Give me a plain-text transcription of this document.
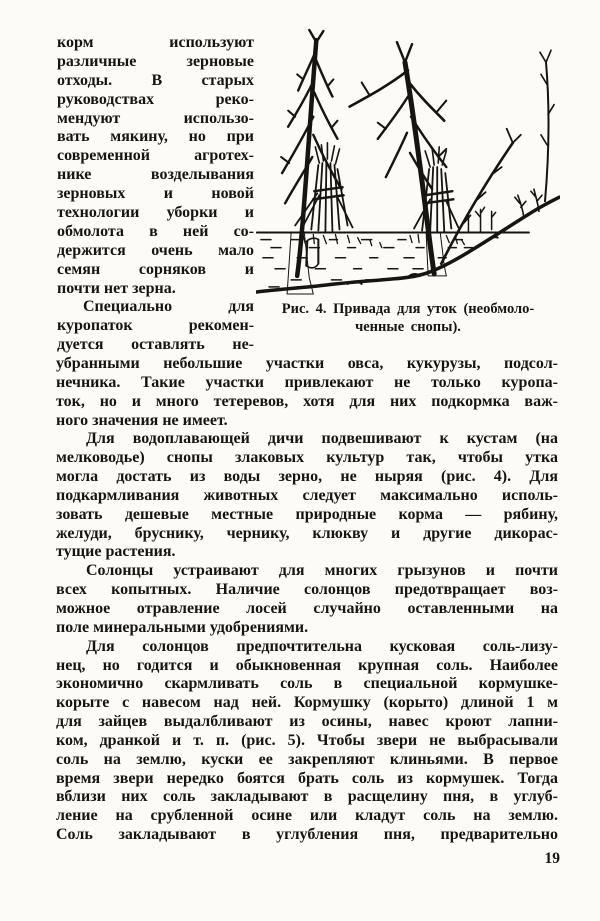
корм используют
различные зерновые
отходы. В старых
руководствах реко-
мендуют использо-
вать мякину, но при
современной агротех-
нике возделывания
зерновых и новой
технологии уборки и
обмолота в ней со-
держится очень мало
семян сорняков и
почти нет зерна.
Специально для
куропаток рекомен-
дуется оставлять не-
Рис. 4. Привада для уток (необмоло-
ченные снопы).
убранными небольшие участки овса, кукурузы, подсол-
нечника. Такие участки привлекают не только куропа-
ток, но и много тетеревов, хотя для них подкормка важ-
ного значения не имеет.
Для водоплавающей дичи подвешивают к кустам (на
мелководье) снопы злаковых культур так, чтобы утка
могла достать из воды зерно, не ныряя (рис. 4). Для
подкармливания животных следует максимально исполь-
зовать дешевые местные природные корма — рябину,
желуди, бруснику, чернику, клюкву и другие дикорас-
тущие растения.
Солонцы устраивают для многих грызунов и почти
всех копытных. Наличие солонцов предотвращает воз-
можное отравление лосей случайно оставленными на
поле минеральными удобрениями.
Для солонцов предпочтительна кусковая соль-лизу-
нец, но годится и обыкновенная крупная соль. Наиболее
экономично скармливать соль в специальной кормушке-
корыте с навесом над ней. Кормушку (корыто) длиной 1 м
для зайцев выдалбливают из осины, навес кроют лапни-
ком, дранкой и т. п. (рис. 5). Чтобы звери не выбрасывали
соль на землю, куски ее закрепляют клиньями. В первое
время звери нередко боятся брать соль из кормушек. Тогда
вблизи них соль закладывают в расщелину пня, в углуб-
ление на срубленной осине или кладут соль на землю.
Соль закладывают в углубления пня, предварительно
19
